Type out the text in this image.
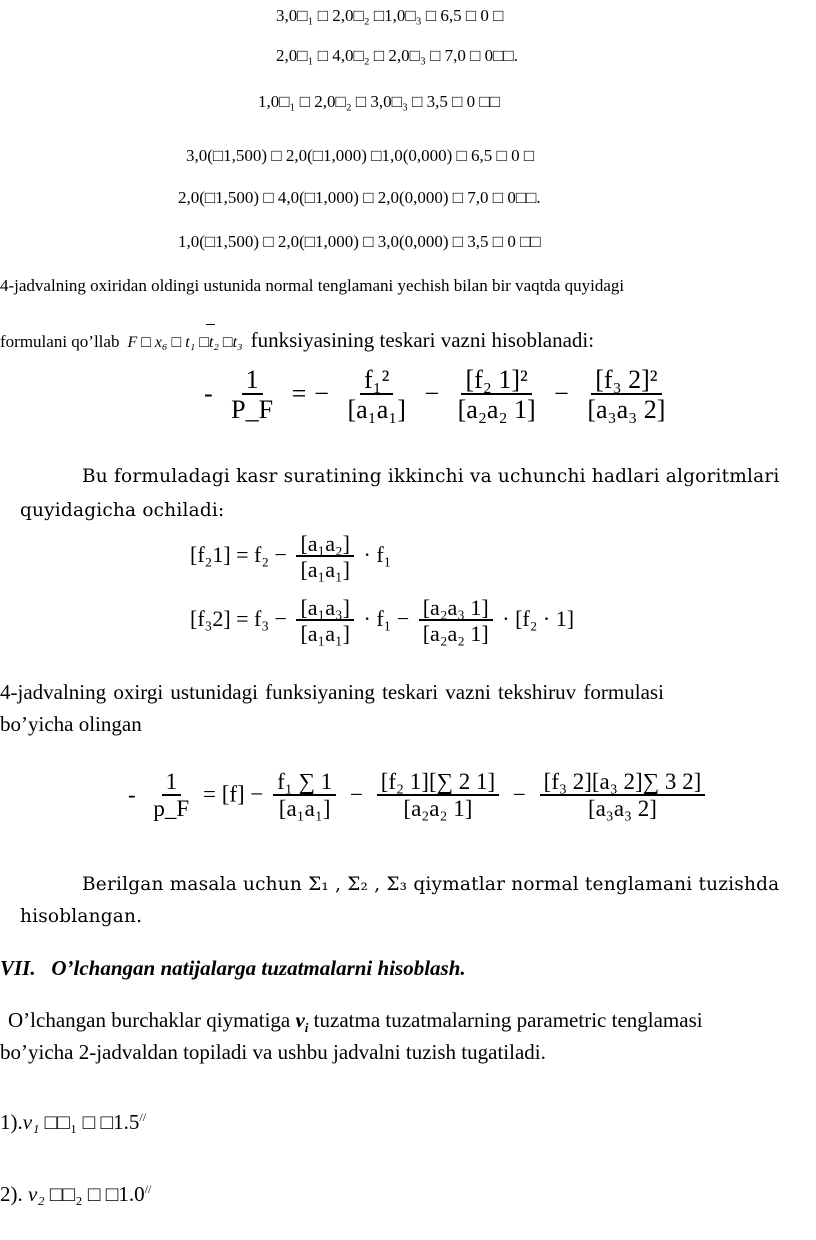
3,0□₁ □ 2,0□₂ □1,0□₃ □ 6,5 □ 0 □
2,0□₁ □ 4,0□₂ □ 2,0□₃ □ 7,0 □ 0□□.
1,0□₁ □ 2,0□₂ □ 3,0□₃ □ 3,5 □ 0 □□
3,0(□1,500) □ 2,0(□1,000) □1,0(0,000) □ 6,5 □ 0 □
2,0(□1,500) □ 4,0(□1,000) □ 2,0(0,000) □ 7,0 □ 0□□.
1,0(□1,500) □ 2,0(□1,000) □ 3,0(0,000) □ 3,5 □ 0 □□
4-jadvalning oxiridan oldingi ustunida normal tenglamani yechish bilan bir vaqtda quyidagi
formulani qo’llab F □ x₆ □ t₁ □t₂ □t₃ funksiyasining teskari vazni hisoblanadi:
- $\frac{1}{P\_F}$ = − $\frac{\text{f₁²}}{\text{[a₁a₁]}} - \frac{\text{[f₂ 1]²}}{\text{[a₂a₂ 1]}} - \frac{\text{[f₃ 2]²}}{\text{[a₃a₃ 2]}}$
Bu formuladagi kasr suratining ikkinchi va uchunchi hadlari algoritmlari
quyidagicha ochiladi:
$[f_21] = f_2 - \frac{\text{[a₁a₂]}}{\text{[a₁a₁]}} \cdot f_1$
$[f_32] = f_3 - \frac{\text{[a₁a₃]}}{\text{[a₁a₁]}} \cdot f_1 - \frac{\text{[a₂a₃ 1]}}{\text{[a₂a₂ 1]}} \cdot [f_2 \cdot 1]$
4-jadvalning oxirgi ustunidagi funksiyaning teskari vazni tekshiruv formulasi
bo’yicha olingan
- $\frac{1}{p\_F} = [f] - \frac{\text{f₁ ∑ 1}}{\text{[a₁a₁]}} - \frac{\text{[f₂ 1][∑ 2 1]}}{\text{[a₂a₂ 1]}} - \frac{\text{[f₃ 2][a₃ 2]∑ 3 2]}}{\text{[a₃a₃ 2]}}$
Berilgan masala uchun Σ₁ , Σ₂ , Σ₃ qiymatlar normal tenglamani tuzishda
hisoblangan.
VII.   O’lchangan natijalarga tuzatmalarni hisoblash.
O’lchangan burchaklar qiymatiga $v_i$ tuzatma tuzatmalarning parametric tenglamasi
bo’yicha 2-jadvaldan topiladi va ushbu jadvalni tuzish tugatiladi.
1).v₁ □□₁ □ □1.5//
2). v₂ □□₂ □ □1.0//
